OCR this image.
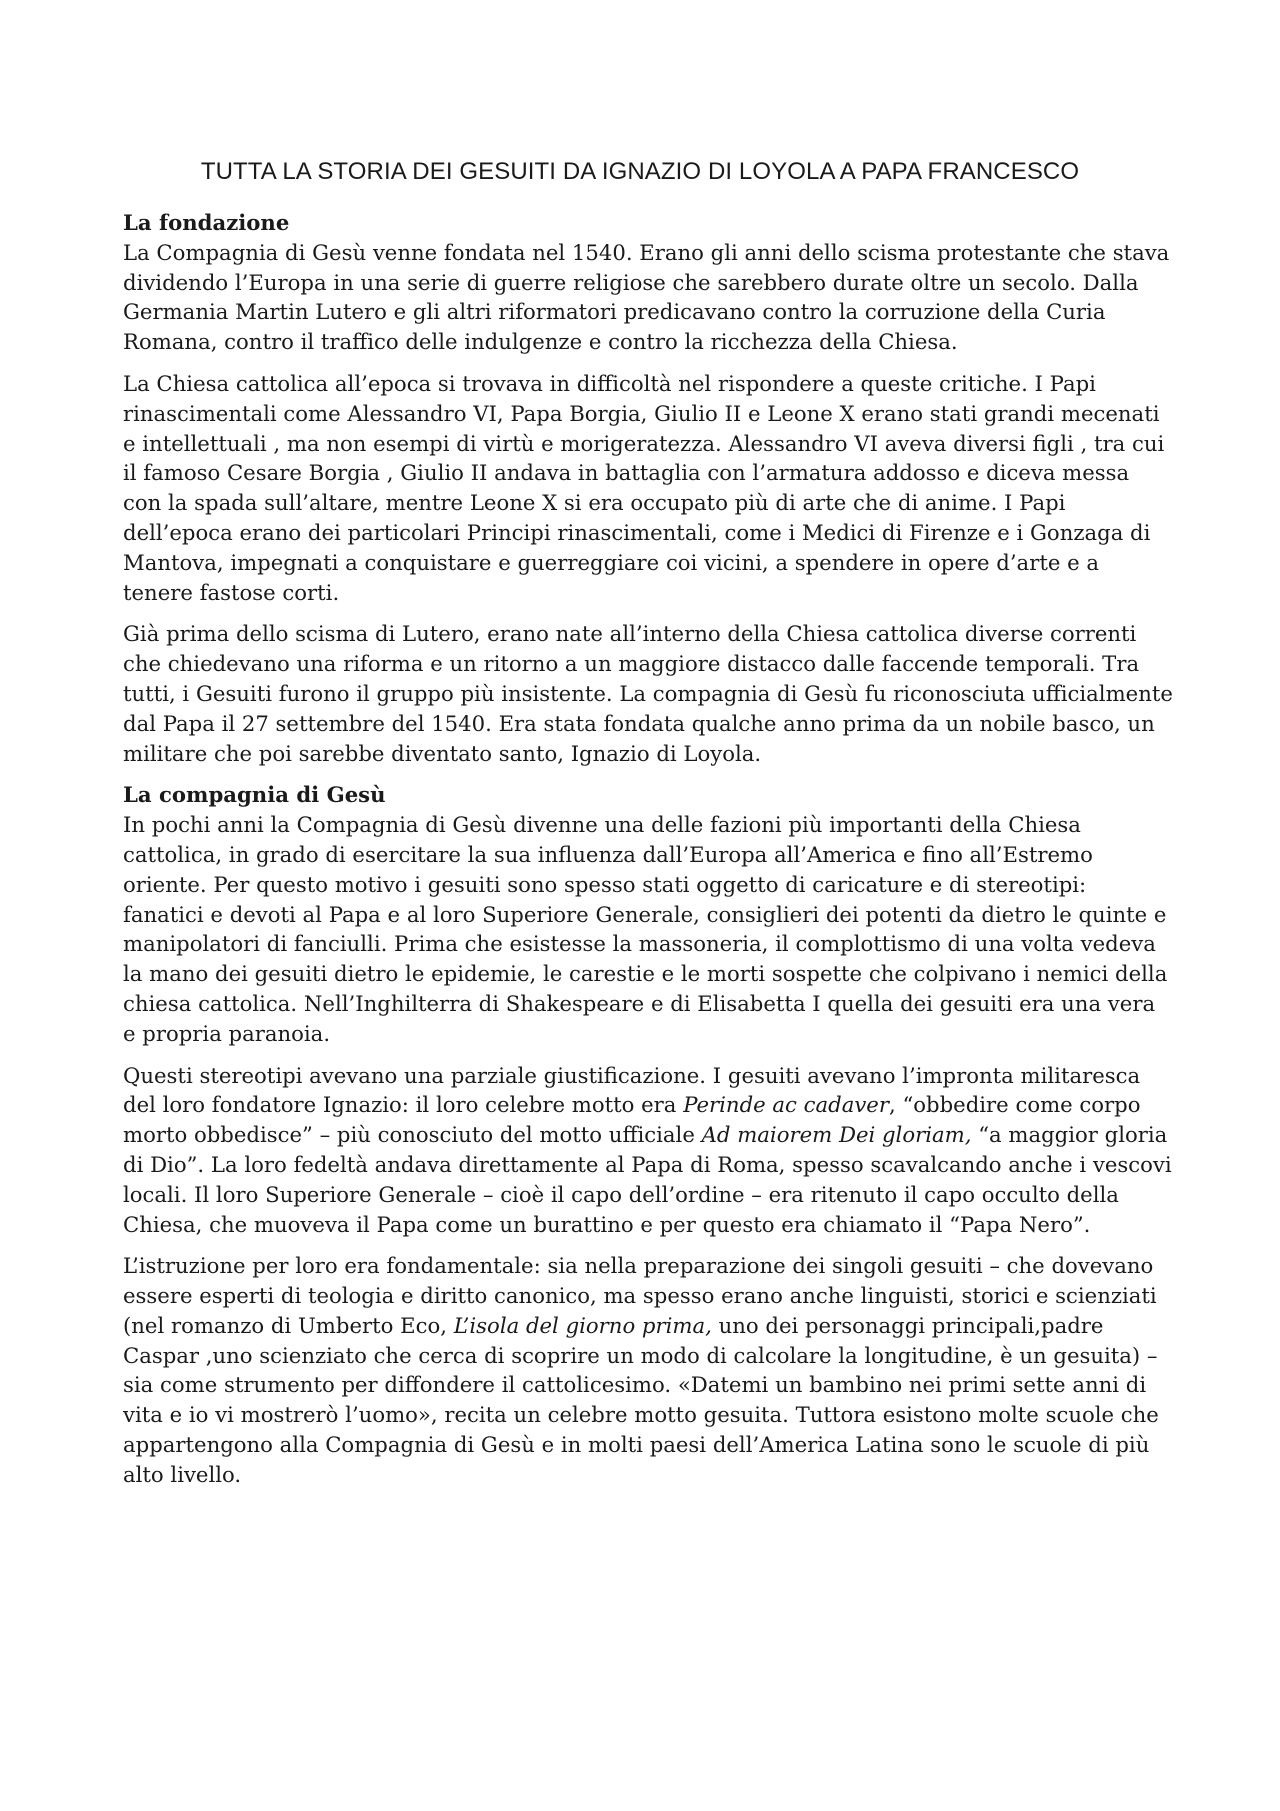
TUTTA LA STORIA DEI GESUITI DA IGNAZIO DI LOYOLA A PAPA FRANCESCO

La fondazione

La Compagnia di Gesù venne fondata nel 1540. Erano gli anni dello scisma protestante che stava dividendo l’Europa in una serie di guerre religiose che sarebbero durate oltre un secolo. Dalla Germania Martin Lutero e gli altri riformatori predicavano contro la corruzione della Curia Romana, contro il traffico delle indulgenze e contro la ricchezza della Chiesa.

La Chiesa cattolica all’epoca si trovava in difficoltà nel rispondere a queste critiche. I Papi rinascimentali come Alessandro VI, Papa Borgia, Giulio II e Leone X erano stati grandi mecenati e intellettuali , ma non esempi di virtù e morigeratezza. Alessandro VI aveva diversi figli , tra cui il famoso Cesare Borgia , Giulio II andava in battaglia con l’armatura addosso e diceva messa con la spada sull’altare, mentre Leone X si era occupato più di arte che di anime. I Papi dell’epoca erano dei particolari Principi rinascimentali, come i Medici di Firenze e i Gonzaga di Mantova, impegnati a conquistare e guerreggiare coi vicini, a spendere in opere d’arte e a tenere fastose corti.

Già prima dello scisma di Lutero, erano nate all’interno della Chiesa cattolica diverse correnti che chiedevano una riforma e un ritorno a un maggiore distacco dalle faccende temporali. Tra tutti, i Gesuiti furono il gruppo più insistente. La compagnia di Gesù fu riconosciuta ufficialmente dal Papa il 27 settembre del 1540. Era stata fondata qualche anno prima da un nobile basco, un militare che poi sarebbe diventato santo, Ignazio di Loyola.

La compagnia di Gesù

In pochi anni la Compagnia di Gesù divenne una delle fazioni più importanti della Chiesa cattolica, in grado di esercitare la sua influenza dall’Europa all’America e fino all’Estremo oriente. Per questo motivo i gesuiti sono spesso stati oggetto di caricature e di stereotipi: fanatici e devoti al Papa e al loro Superiore Generale, consiglieri dei potenti da dietro le quinte e manipolatori di fanciulli. Prima che esistesse la massoneria, il complottismo di una volta vedeva la mano dei gesuiti dietro le epidemie, le carestie e le morti sospette che colpivano i nemici della chiesa cattolica. Nell’Inghilterra di Shakespeare e di Elisabetta I quella dei gesuiti era una vera e propria paranoia.

Questi stereotipi avevano una parziale giustificazione. I gesuiti avevano l’impronta militaresca del loro fondatore Ignazio: il loro celebre motto era Perinde ac cadaver, “obbedire come corpo morto obbedisce” – più conosciuto del motto ufficiale Ad maiorem Dei gloriam, “a maggior gloria di Dio”. La loro fedeltà andava direttamente al Papa di Roma, spesso scavalcando anche i vescovi locali. Il loro Superiore Generale – cioè il capo dell’ordine – era ritenuto il capo occulto della Chiesa, che muoveva il Papa come un burattino e per questo era chiamato il “Papa Nero”.

L’istruzione per loro era fondamentale: sia nella preparazione dei singoli gesuiti – che dovevano essere esperti di teologia e diritto canonico, ma spesso erano anche linguisti, storici e scienziati (nel romanzo di Umberto Eco, L’isola del giorno prima, uno dei personaggi principali,padre Caspar ,uno scienziato che cerca di scoprire un modo di calcolare la longitudine, è un gesuita) – sia come strumento per diffondere il cattolicesimo. «Datemi un bambino nei primi sette anni di vita e io vi mostrerò l’uomo», recita un celebre motto gesuita. Tuttora esistono molte scuole che appartengono alla Compagnia di Gesù e in molti paesi dell’America Latina sono le scuole di più alto livello.
